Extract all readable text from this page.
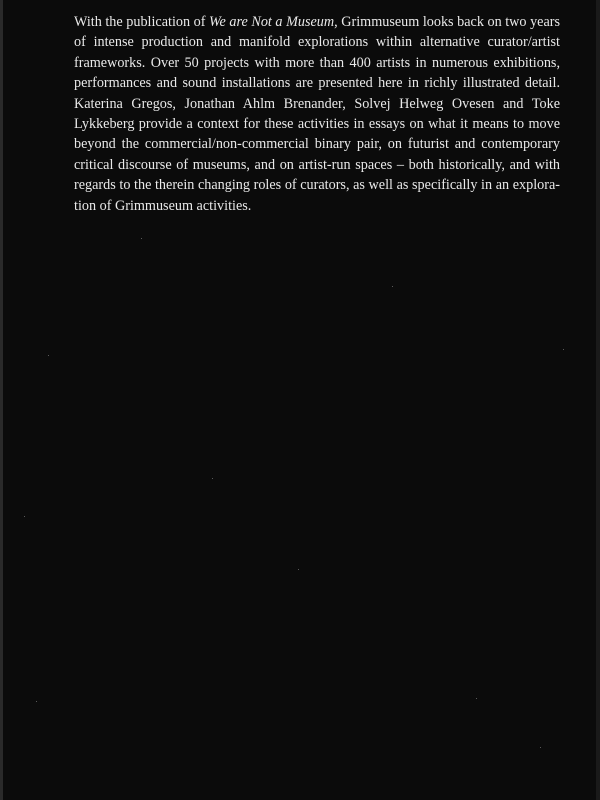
With the publication of We are Not a Museum, Grimmuseum looks back on two years of intense production and manifold explorations within alternative curator/artist frameworks. Over 50 projects with more than 400 artists in numerous exhibitions, performances and sound installations are presented here in richly illustrated detail. Katerina Gregos, Jonathan Ahlm Brenander, Solvej Helweg Ovesen and Toke Lykkeberg provide a context for these activities in essays on what it means to move beyond the commercial/non-commercial binary pair, on futurist and contemporary critical discourse of museums, and on artist-run spaces – both historically, and with regards to the therein changing roles of curators, as well as specifically in an exploration of Grimmuseum activities.
